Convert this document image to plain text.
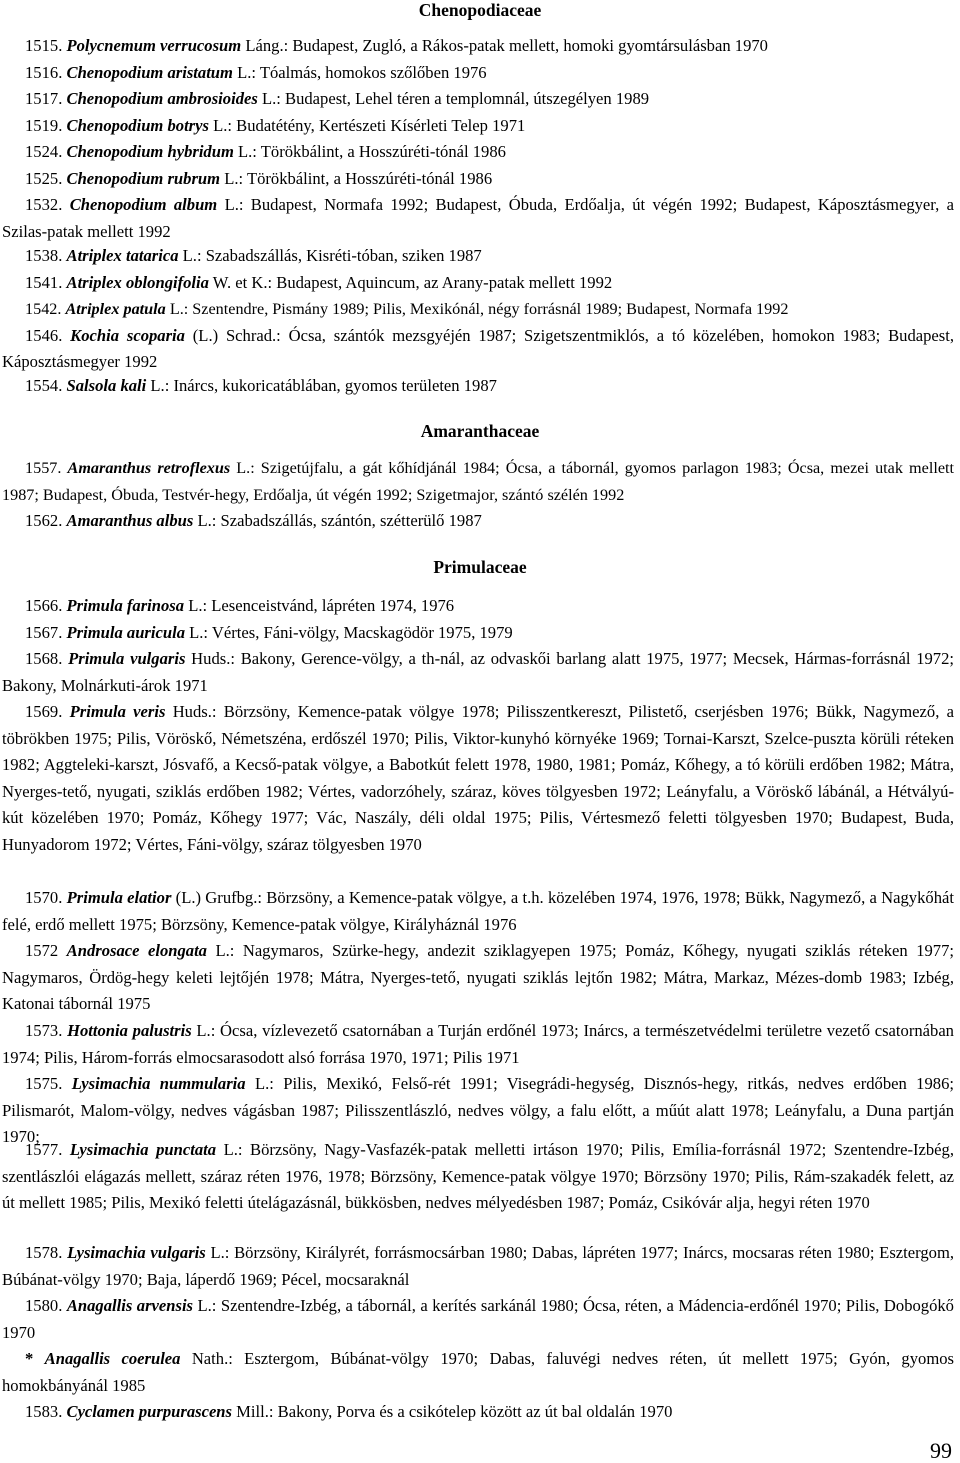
Chenopodiaceae
1515. Polycnemum verrucosum Láng.: Budapest, Zugló, a Rákos-patak mellett, homoki gyomtársulásban 1970
1516. Chenopodium aristatum L.: Tóalmás, homokos szőlőben 1976
1517. Chenopodium ambrosioides L.: Budapest, Lehel téren a templomnál, útszegélyen 1989
1519. Chenopodium botrys L.: Budatétény, Kertészeti Kísérleti Telep 1971
1524. Chenopodium hybridum L.: Törökbálint, a Hosszúréti-tónál 1986
1525. Chenopodium rubrum L.: Törökbálint, a Hosszúréti-tónál 1986
1532. Chenopodium album L.: Budapest, Normafa 1992; Budapest, Óbuda, Erdőalja, út végén 1992; Budapest, Káposztásmegyer, a Szilas-patak mellett 1992
1538. Atriplex tatarica L.: Szabadszállás, Kisréti-tóban, sziken 1987
1541. Atriplex oblongifolia W. et K.: Budapest, Aquincum, az Arany-patak mellett 1992
1542. Atriplex patula L.: Szentendre, Pismány 1989; Pilis, Mexikónál, négy forrásnál 1989; Budapest, Normafa 1992
1546. Kochia scoparia (L.) Schrad.: Ócsa, szántók mezsgyéjén 1987; Szigetszentmiklós, a tó közelében, homokon 1983; Budapest, Káposztásmegyer 1992
1554. Salsola kali L.: Inárcs, kukoricatáblában, gyomos területen 1987
Amaranthaceae
1557. Amaranthus retroflexus L.: Szigetújfalu, a gát kőhídjánál 1984; Ócsa, a tábornál, gyomos parlagon 1983; Ócsa, mezei utak mellett 1987; Budapest, Óbuda, Testvér-hegy, Erdőalja, út végén 1992; Szigetmajor, szántó szélén 1992
1562. Amaranthus albus L.: Szabadszállás, szántón, szétterülő 1987
Primulaceae
1566. Primula farinosa L.: Lesenceistvánd, lápréten 1974, 1976
1567. Primula auricula L.: Vértes, Fáni-völgy, Macskagödör 1975, 1979
1568. Primula vulgaris Huds.: Bakony, Gerence-völgy, a th-nál, az odvaskői barlang alatt 1975, 1977; Mecsek, Hármas-forrásnál 1972; Bakony, Molnárkuti-árok 1971
1569. Primula veris Huds.: Börzsöny, Kemence-patak völgye 1978; Pilisszentkereszt, Pilistető, cserjésben 1976; Bükk, Nagymező, a töbrökben 1975; Pilis, Vöröskő, Németszéna, erdőszél 1970; Pilis, Viktor-kunyhó környéke 1969; Tornai-Karszt, Szelce-puszta körüli réteken 1982; Aggteleki-karszt, Jósvafő, a Kecső-patak völgye, a Babotkút felett 1978, 1980, 1981; Pomáz, Kőhegy, a tó körüli erdőben 1982; Mátra, Nyerges-tető, nyugati, sziklás erdőben 1982; Vértes, vadorzóhely, száraz, köves tölgyesben 1972; Leányfalu, a Vöröskő lábánál, a Hétvályú-kút közelében 1970; Pomáz, Kőhegy 1977; Vác, Naszály, déli oldal 1975; Pilis, Vértesmező feletti tölgyesben 1970; Budapest, Buda, Hunyadorom 1972; Vértes, Fáni-völgy, száraz tölgyesben 1970
1570. Primula elatior (L.) Grufbg.: Börzsöny, a Kemence-patak völgye, a t.h. közelében 1974, 1976, 1978; Bükk, Nagymező, a Nagykőhát felé, erdő mellett 1975; Börzsöny, Kemence-patak völgye, Királyháznál 1976
1572 Androsace elongata L.: Nagymaros, Szürke-hegy, andezit sziklagyepen 1975; Pomáz, Kőhegy, nyugati sziklás réteken 1977; Nagymaros, Ördög-hegy keleti lejtőjén 1978; Mátra, Nyerges-tető, nyugati sziklás lejtőn 1982; Mátra, Markaz, Mézes-domb 1983; Izbég, Katonai tábornál 1975
1573. Hottonia palustris L.: Ócsa, vízlevezető csatornában a Turján erdőnél 1973; Inárcs, a természetvédelmi területre vezető csatornában 1974; Pilis, Három-forrás elmocsarasodott alsó forrása 1970, 1971; Pilis 1971
1575. Lysimachia nummularia L.: Pilis, Mexikó, Felső-rét 1991; Visegrádi-hegység, Disznós-hegy, ritkás, nedves erdőben 1986; Pilismarót, Malom-völgy, nedves vágásban 1987; Pilisszentlászló, nedves völgy, a falu előtt, a műút alatt 1978; Leányfalu, a Duna partján 1970;
1577. Lysimachia punctata L.: Börzsöny, Nagy-Vasfazék-patak melletti irtáson 1970; Pilis, Emília-forrásnál 1972; Szentendre-Izbég, szentlászlói elágazás mellett, száraz réten 1976, 1978; Börzsöny, Kemence-patak völgye 1970; Börzsöny 1970; Pilis, Rám-szakadék felett, az út mellett 1985; Pilis, Mexikó feletti útelágazásnál, bükkösben, nedves mélyedésben 1987; Pomáz, Csikóvár alja, hegyi réten 1970
1578. Lysimachia vulgaris L.: Börzsöny, Királyrét, forrásmocsárban 1980; Dabas, lápréten 1977; Inárcs, mocsaras réten 1980; Esztergom, Búbánat-völgy 1970; Baja, láperdő 1969; Pécel, mocsaraknál
1580. Anagallis arvensis L.: Szentendre-Izbég, a tábornál, a kerítés sarkánál 1980; Ócsa, réten, a Mádencia-erdőnél 1970; Pilis, Dobogókő 1970
* Anagallis coerulea Nath.: Esztergom, Búbánat-völgy 1970; Dabas, faluvégi nedves réten, út mellett 1975; Gyón, gyomos homokbányánál 1985
1583. Cyclamen purpurascens Mill.: Bakony, Porva és a csikótelep között az út bal oldalán 1970
99
